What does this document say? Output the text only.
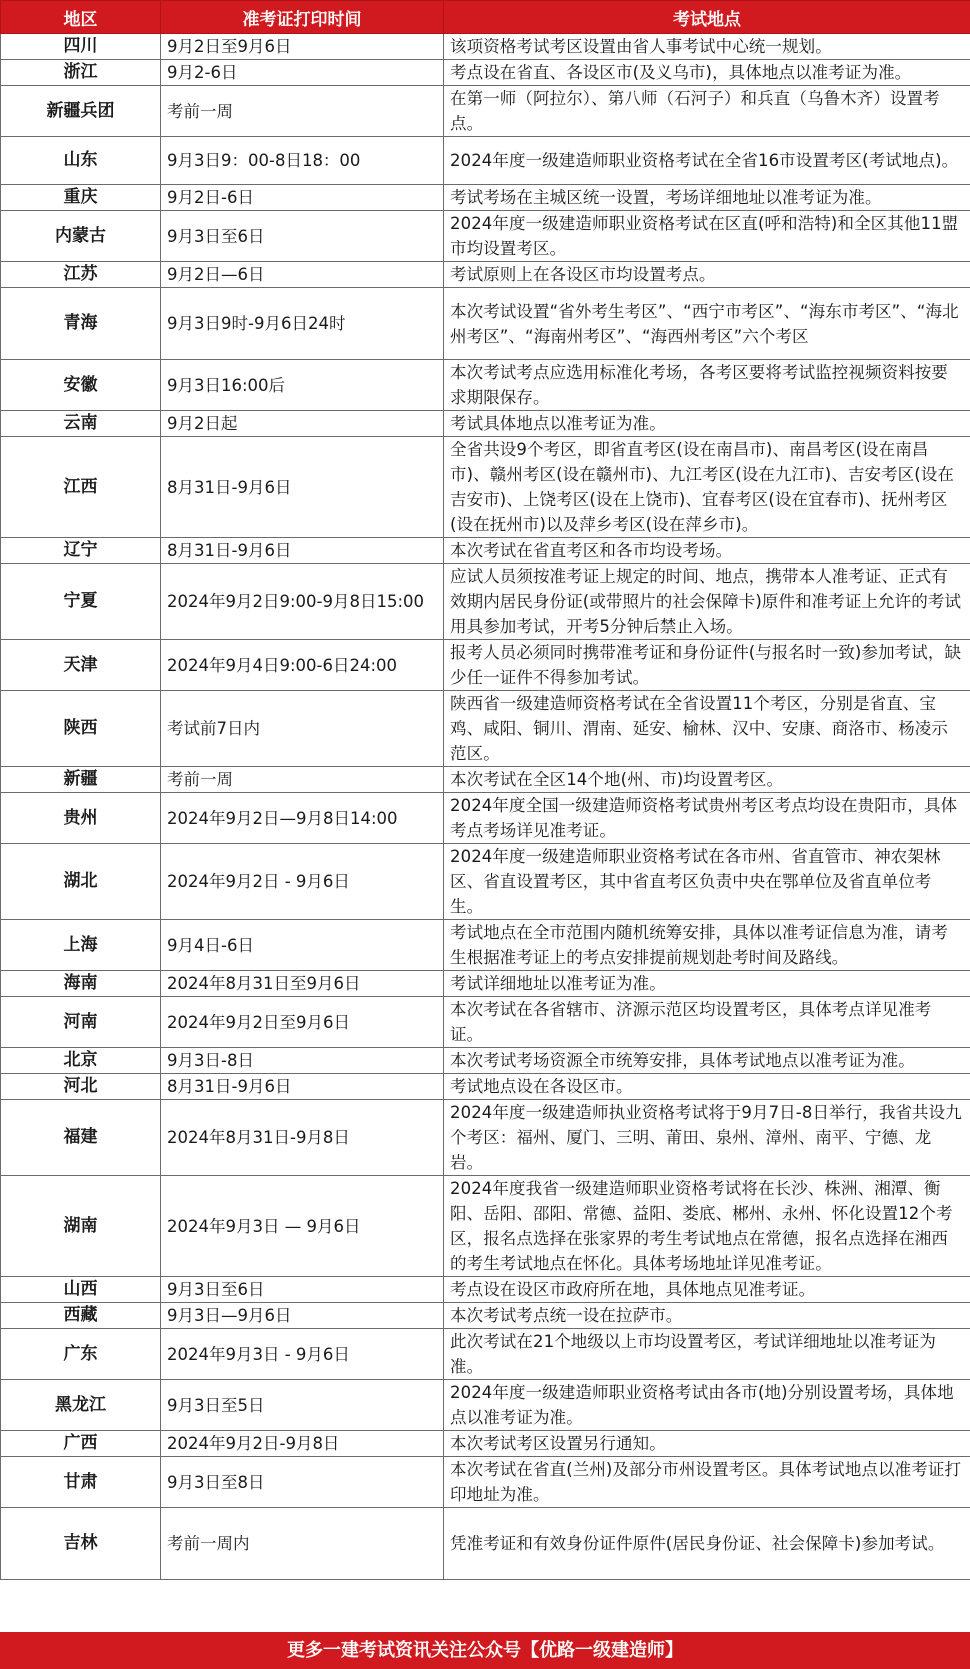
地区	准考证打印时间	考试地点
四川	9月2日至9月6日	该项资格考试考区设置由省人事考试中心统一规划。
浙江	9月2-6日	考点设在省直、各设区市(及义乌市)，具体地点以准考证为准。
新疆兵团	考前一周	在第一师（阿拉尔）、第八师（石河子）和兵直（乌鲁木齐）设置考点。
山东	9月3日9：00-8日18：00	2024年度一级建造师职业资格考试在全省16市设置考区(考试地点)。
重庆	9月2日-6日	考试考场在主城区统一设置，考场详细地址以准考证为准。
内蒙古	9月3日至6日	2024年度一级建造师职业资格考试在区直(呼和浩特)和全区其他11盟市均设置考区。
江苏	9月2日—6日	考试原则上在各设区市均设置考点。
青海	9月3日9时-9月6日24时	本次考试设置“省外考生考区”、“西宁市考区”、“海东市考区”、“海北州考区”、“海南州考区”、“海西州考区”六个考区
安徽	9月3日16:00后	本次考试考点应选用标准化考场，各考区要将考试监控视频资料按要求期限保存。
云南	9月2日起	考试具体地点以准考证为准。
江西	8月31日-9月6日	全省共设9个考区，即省直考区(设在南昌市)、南昌考区(设在南昌市)、赣州考区(设在赣州市)、九江考区(设在九江市)、吉安考区(设在吉安市)、上饶考区(设在上饶市)、宜春考区(设在宜春市)、抚州考区(设在抚州市)以及萍乡考区(设在萍乡市)。
辽宁	8月31日-9月6日	本次考试在省直考区和各市均设考场。
宁夏	2024年9月2日9:00-9月8日15:00	应试人员须按准考证上规定的时间、地点，携带本人准考证、正式有效期内居民身份证(或带照片的社会保障卡)原件和准考证上允许的考试用具参加考试，开考5分钟后禁止入场。
天津	2024年9月4日9:00-6日24:00	报考人员必须同时携带准考证和身份证件(与报名时一致)参加考试，缺少任一证件不得参加考试。
陕西	考试前7日内	陕西省一级建造师资格考试在全省设置11个考区，分别是省直、宝鸡、咸阳、铜川、渭南、延安、榆林、汉中、安康、商洛市、杨凌示范区。
新疆	考前一周	本次考试在全区14个地(州、市)均设置考区。
贵州	2024年9月2日—9月8日14:00	2024年度全国一级建造师资格考试贵州考区考点均设在贵阳市，具体考点考场详见准考证。
湖北	2024年9月2日 - 9月6日	2024年度一级建造师职业资格考试在各市州、省直管市、神农架林区、省直设置考区，其中省直考区负责中央在鄂单位及省直单位考生。
上海	9月4日-6日	考试地点在全市范围内随机统筹安排，具体以准考证信息为准，请考生根据准考证上的考点安排提前规划赴考时间及路线。
海南	2024年8月31日至9月6日	考试详细地址以准考证为准。
河南	2024年9月2日至9月6日	本次考试在各省辖市、济源示范区均设置考区，具体考点详见准考证。
北京	9月3日-8日	本次考试考场资源全市统筹安排，具体考试地点以准考证为准。
河北	8月31日-9月6日	考试地点设在各设区市。
福建	2024年8月31日-9月8日	2024年度一级建造师执业资格考试将于9月7日-8日举行，我省共设九个考区：福州、厦门、三明、莆田、泉州、漳州、南平、宁德、龙岩。
湖南	2024年9月3日 — 9月6日	2024年度我省一级建造师职业资格考试将在长沙、株洲、湘潭、衡阳、岳阳、邵阳、常德、益阳、娄底、郴州、永州、怀化设置12个考区，报名点选择在张家界的考生考试地点在常德，报名点选择在湘西的考生考试地点在怀化。具体考场地址详见准考证。
山西	9月3日至6日	考点设在设区市政府所在地，具体地点见准考证。
西藏	9月3日—9月6日	本次考试考点统一设在拉萨市。
广东	2024年9月3日 - 9月6日	此次考试在21个地级以上市均设置考区，考试详细地址以准考证为准。
黑龙江	9月3日至5日	2024年度一级建造师职业资格考试由各市(地)分别设置考场，具体地点以准考证为准。
广西	2024年9月2日-9月8日	本次考试考区设置另行通知。
甘肃	9月3日至8日	本次考试在省直(兰州)及部分市州设置考区。具体考试地点以准考证打印地址为准。
吉林	考前一周内	凭准考证和有效身份证件原件(居民身份证、社会保障卡)参加考试。
更多一建考试资讯关注公众号【优路一级建造师】
